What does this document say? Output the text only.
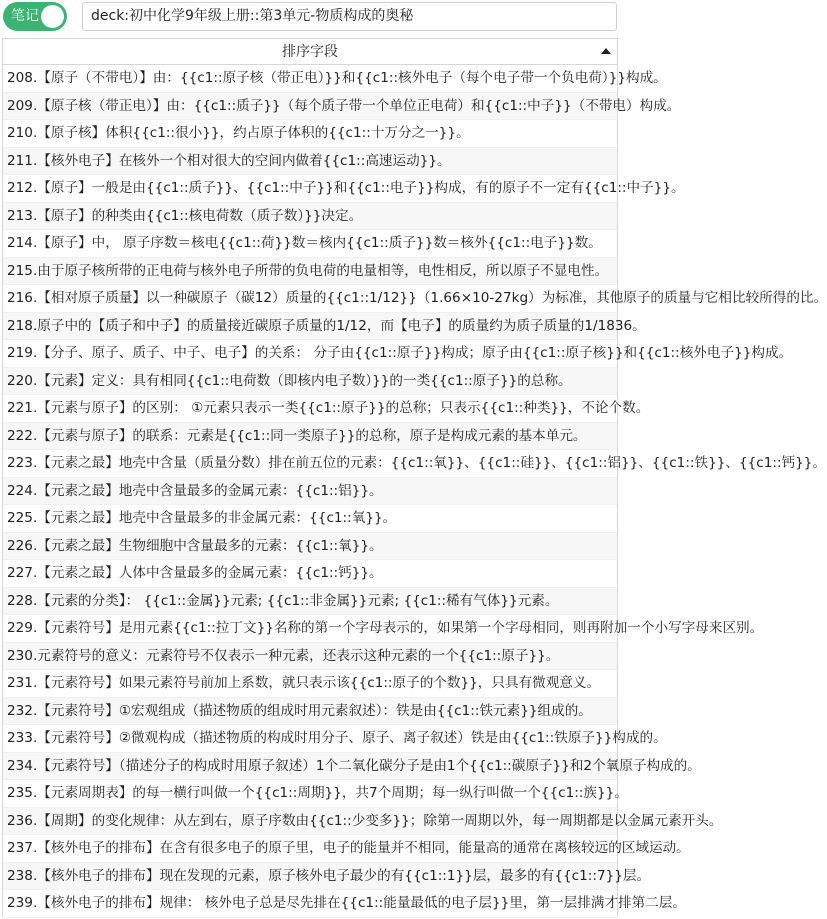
笔记	deck:初中化学9年级上册::第3单元-物质构成的奥秘
排序字段
208.【原子（不带电）】由：{{c1::原子核（带正电）}}和{{c1::核外电子（每个电子带一个负电荷）}}构成。
209.【原子核（带正电）】由：{{c1::质子}}（每个质子带一个单位正电荷）和{{c1::中子}}（不带电）构成。
210.【原子核】体积{{c1::很小}}，约占原子体积的{{c1::十万分之一}}。
211.【核外电子】在核外一个相对很大的空间内做着{{c1::高速运动}}。
212.【原子】一般是由{{c1::质子}}、{{c1::中子}}和{{c1::电子}}构成，有的原子不一定有{{c1::中子}}。
213.【原子】的种类由{{c1::核电荷数（质子数）}}决定。
214.【原子】中， 原子序数＝核电{{c1::荷}}数＝核内{{c1::质子}}数＝核外{{c1::电子}}数。
215.由于原子核所带的正电荷与核外电子所带的负电荷的电量相等，电性相反，所以原子不显电性。
216.【相对原子质量】以一种碳原子（碳12）质量的{{c1::1/12}}（1.66×10-27kg）为标准，其他原子的质量与它相比较所得的比。
218.原子中的【质子和中子】的质量接近碳原子质量的1/12，而【电子】的质量约为质子质量的1/1836。
219.【分子、原子、质子、中子、电子】的关系： 分子由{{c1::原子}}构成；原子由{{c1::原子核}}和{{c1::核外电子}}构成。
220.【元素】定义：具有相同{{c1::电荷数（即核内电子数）}}的一类{{c1::原子}}的总称。
221.【元素与原子】的区别： ①元素只表示一类{{c1::原子}}的总称；只表示{{c1::种类}}，不论个数。
222.【元素与原子】的联系：元素是{{c1::同一类原子}}的总称，原子是构成元素的基本单元。
223.【元素之最】地壳中含量（质量分数）排在前五位的元素：{{c1::氧}}、{{c1::硅}}、{{c1::铝}}、{{c1::铁}}、{{c1::钙}}。
224.【元素之最】地壳中含量最多的金属元素：{{c1::铝}}。
225.【元素之最】地壳中含量最多的非金属元素：{{c1::氧}}。
226.【元素之最】生物细胞中含量最多的元素：{{c1::氧}}。
227.【元素之最】人体中含量最多的金属元素：{{c1::钙}}。
228.【元素的分类】： {{c1::金属}}元素; {{c1::非金属}}元素; {{c1::稀有气体}}元素。
229.【元素符号】是用元素{{c1::拉丁文}}名称的第一个字母表示的，如果第一个字母相同，则再附加一个小写字母来区别。
230.元素符号的意义：元素符号不仅表示一种元素，还表示这种元素的一个{{c1::原子}}。
231.【元素符号】如果元素符号前加上系数，就只表示该{{c1::原子的个数}}，只具有微观意义。
232.【元素符号】①宏观组成（描述物质的组成时用元素叙述）：铁是由{{c1::铁元素}}组成的。
233.【元素符号】②微观构成（描述物质的构成时用分子、原子、离子叙述）铁是由{{c1::铁原子}}构成的。
234.【元素符号】（描述分子的构成时用原子叙述）1个二氧化碳分子是由1个{{c1::碳原子}}和2个氧原子构成的。
235.【元素周期表】的每一横行叫做一个{{c1::周期}}，共7个周期；每一纵行叫做一个{{c1::族}}。
236.【周期】的变化规律：从左到右，原子序数由{{c1::少变多}}；除第一周期以外，每一周期都是以金属元素开头。
237.【核外电子的排布】在含有很多电子的原子里，电子的能量并不相同，能量高的通常在离核较远的区域运动。
238.【核外电子的排布】现在发现的元素，原子核外电子最少的有{{c1::1}}层，最多的有{{c1::7}}层。
239.【核外电子的排布】规律： 核外电子总是尽先排在{{c1::能量最低的电子层}}里，第一层排满才排第二层。
